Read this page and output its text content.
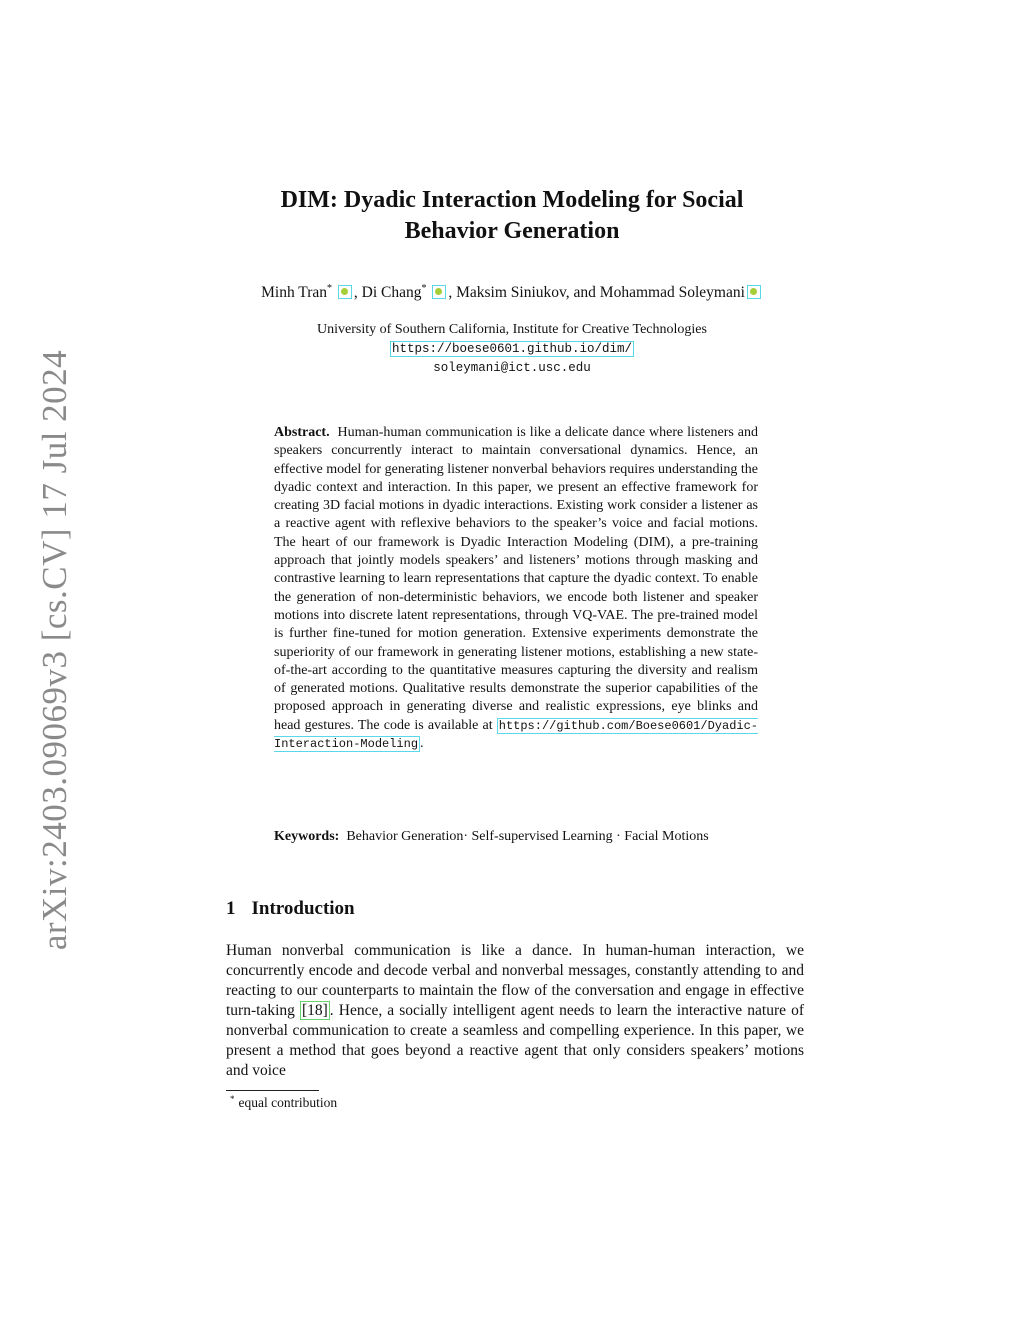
arXiv:2403.09069v3 [cs.CV] 17 Jul 2024
DIM: Dyadic Interaction Modeling for Social
Behavior Generation
Minh Tran* , Di Chang* , Maksim Siniukov, and Mohammad Soleymani
University of Southern California, Institute for Creative Technologies
https://boese0601.github.io/dim/
soleymani@ict.usc.edu

Abstract. Human-human communication is like a delicate dance where listeners and speakers concurrently interact to maintain conversational dynamics. Hence, an effective model for generating listener nonverbal behaviors requires understanding the dyadic context and interaction. In this paper, we present an effective framework for creating 3D facial motions in dyadic interactions. Existing work consider a listener as a reactive agent with reflexive behaviors to the speaker’s voice and facial motions. The heart of our framework is Dyadic Interaction Modeling (DIM), a pre-training approach that jointly models speakers’ and listeners’ motions through masking and contrastive learning to learn representations that capture the dyadic context. To enable the generation of non-deterministic behaviors, we encode both listener and speaker motions into discrete latent representations, through VQ-VAE. The pre-trained model is further fine-tuned for motion generation. Extensive experiments demonstrate the superiority of our framework in generating listener motions, establishing a new state-of-the-art according to the quantitative measures capturing the diversity and realism of generated motions. Qualitative results demonstrate the superior capabilities of the proposed approach in generating diverse and realistic expressions, eye blinks and head gestures. The code is available at https://github.com/Boese0601/Dyadic-Interaction-Modeling .

Keywords: Behavior Generation· Self-supervised Learning · Facial Motions

1 Introduction

Human nonverbal communication is like a dance. In human-human interaction, we concurrently encode and decode verbal and nonverbal messages, constantly attending to and reacting to our counterparts to maintain the flow of the conversation and engage in effective turn-taking [18] . Hence, a socially intelligent agent needs to learn the interactive nature of nonverbal communication to create a seamless and compelling experience. In this paper, we present a method that goes beyond a reactive agent that only considers speakers’ motions and voice

* equal contribution
